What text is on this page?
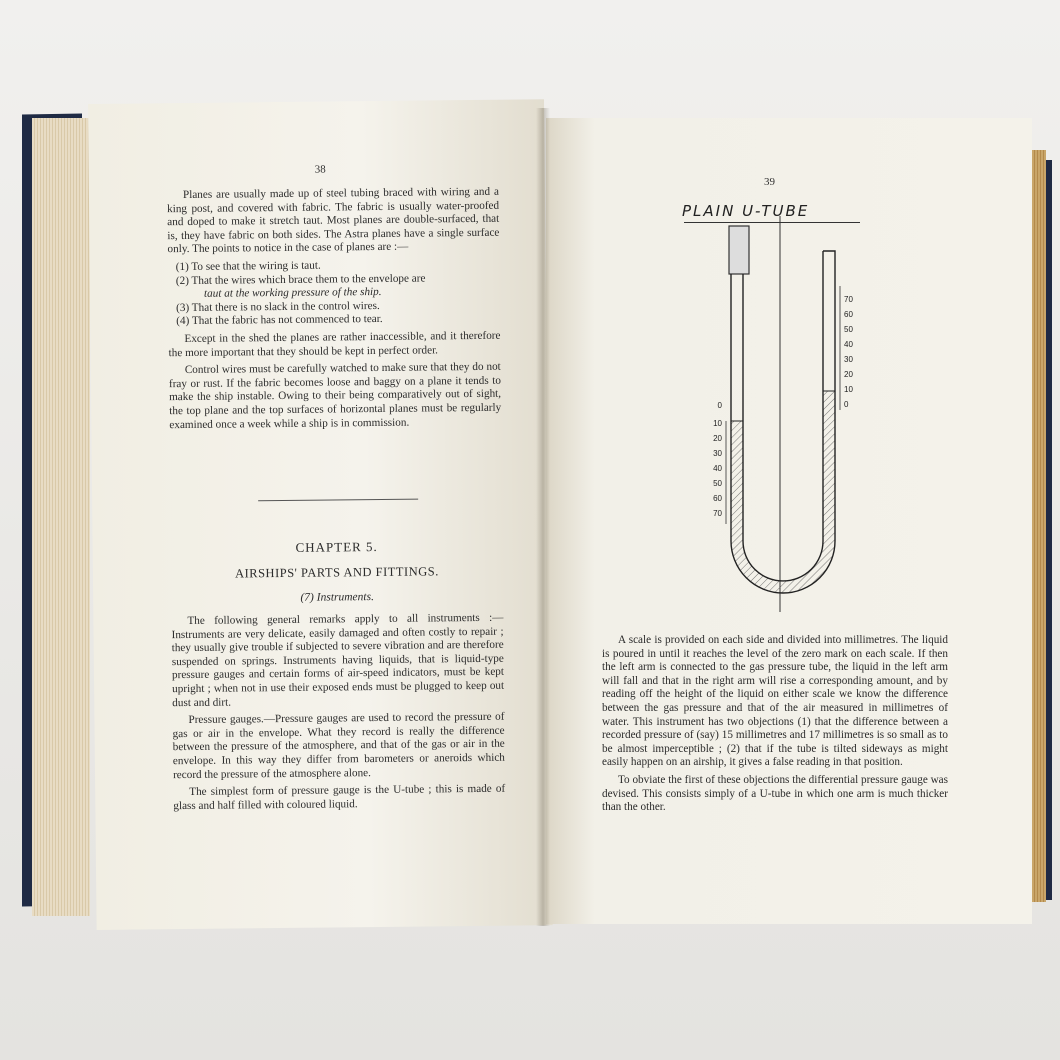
38

Planes are usually made up of steel tubing braced with wiring and a king post, and covered with fabric. The fabric is usually water-proofed and doped to make it stretch taut. Most planes are double-surfaced, that is, they have fabric on both sides. The Astra planes have a single surface only. The points to notice in the case of planes are :—

(1) To see that the wiring is taut.
(2) That the wires which brace them to the envelope are
taut at the working pressure of the ship.
(3) That there is no slack in the control wires.
(4) That the fabric has not commenced to tear.

Except in the shed the planes are rather inaccessible, and it therefore the more important that they should be kept in perfect order.

Control wires must be carefully watched to make sure that they do not fray or rust. If the fabric becomes loose and baggy on a plane it tends to make the ship instable. Owing to their being comparatively out of sight, the top plane and the top surfaces of horizontal planes must be regularly examined once a week while a ship is in commission.

CHAPTER 5.
AIRSHIPS' PARTS AND FITTINGS.
(7) Instruments.

The following general remarks apply to all instruments :— Instruments are very delicate, easily damaged and often costly to repair ; they usually give trouble if subjected to severe vibration and are therefore suspended on springs. Instruments having liquids, that is liquid-type pressure gauges and certain forms of air-speed indicators, must be kept upright ; when not in use their exposed ends must be plugged to keep out dust and dirt.

Pressure gauges.—Pressure gauges are used to record the pressure of gas or air in the envelope. What they record is really the difference between the pressure of the atmosphere, and that of the gas or air in the envelope. In this way they differ from barometers or aneroids which record the pressure of the atmosphere alone.

The simplest form of pressure gauge is the U-tube ; this is made of glass and half filled with coloured liquid.

39
PLAIN U-TUBE
0
10
20
30
40
50
60
70
70
60
50
40
30
20
10
0

A scale is provided on each side and divided into millimetres. The liquid is poured in until it reaches the level of the zero mark on each scale. If then the left arm is connected to the gas pressure tube, the liquid in the left arm will fall and that in the right arm will rise a corresponding amount, and by reading off the height of the liquid on either scale we know the difference between the gas pressure and that of the air measured in millimetres of water. This instrument has two objections (1) that the difference between a recorded pressure of (say) 15 millimetres and 17 millimetres is so small as to be almost imperceptible ; (2) that if the tube is tilted sideways as might easily happen on an airship, it gives a false reading in that position.

To obviate the first of these objections the differential pressure gauge was devised. This consists simply of a U-tube in which one arm is much thicker than the other.
